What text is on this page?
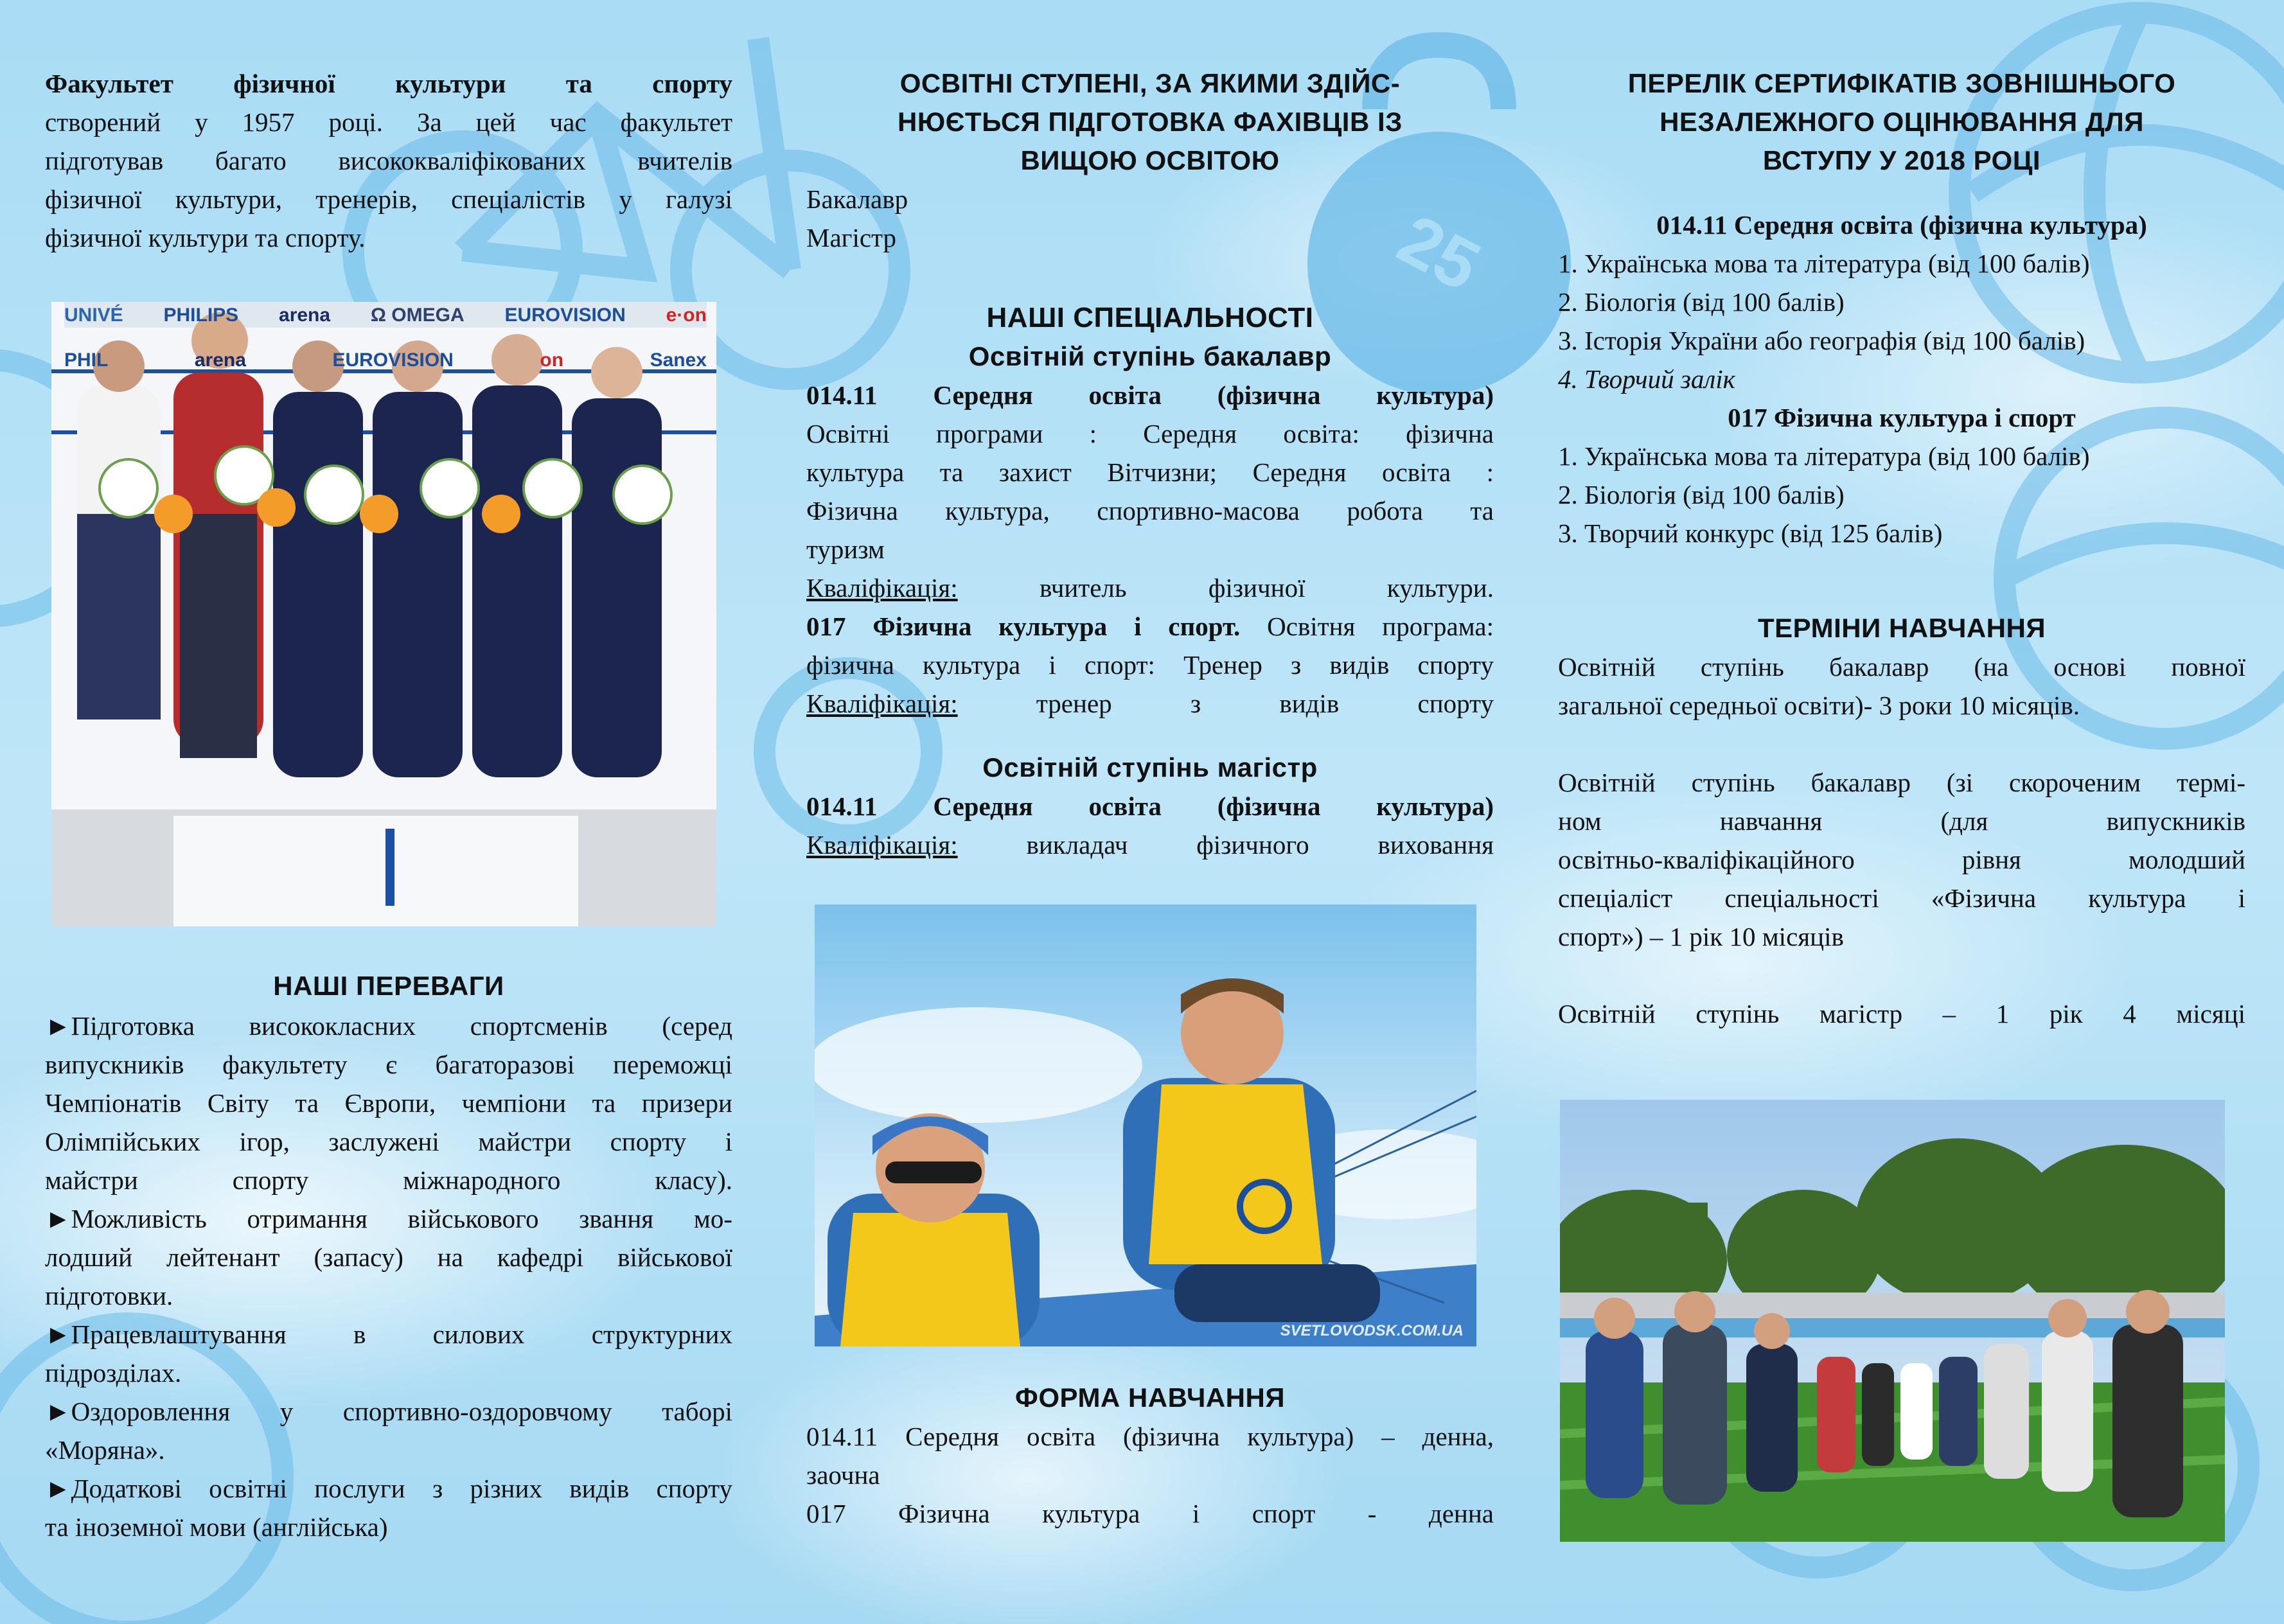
25

Факультет фізичної культури та спорту

створений у 1957 році. За цей час факультет

підготував багато висококваліфікованих вчителів

фізичної культури, тренерів, спеціалістів у галузі

фізичної культури та спорту.

UNIVÉ PHILIPS arena Ω OMEGA EUROVISION e·on
PHIL	arena	EUROVISION	on	Sanex

НАШІ ПЕРЕВАГИ

►Підготовка висококласних спортсменів (серед

випускників факультету є багаторазові переможці

Чемпіонатів Світу та Європи, чемпіони та призери

Олімпійських ігор, заслужені майстри спорту і

майстри спорту міжнародного класу).

►Можливість отримання військового звання мо-

лодший лейтенант (запасу) на кафедрі військової

підготовки.

►Працевлаштування в силових структурних

підрозділах.

►Оздоровлення у спортивно-оздоровчому таборі

«Моряна».

►Додаткові освітні послуги з різних видів спорту

та іноземної мови (англійська)

ОСВІТНІ СТУПЕНІ, ЗА ЯКИМИ ЗДІЙС-

НЮЄТЬСЯ ПІДГОТОВКА ФАХІВЦІВ ІЗ

ВИЩОЮ ОСВІТОЮ

Бакалавр

Магістр

НАШІ СПЕЦІАЛЬНОСТІ

Освітній ступінь бакалавр

014.11 Середня освіта (фізична культура)

Освітні програми : Середня освіта: фізична

культура та захист Вітчизни; Середня освіта :

Фізична культура, спортивно-масова робота та

туризм

Кваліфікація:	вчитель фізичної культури.

017 Фізична культура і спорт. Освітня програма:

фізична культура і спорт: Тренер з видів спорту

Кваліфікація:	тренер з видів спорту

Освітній ступінь магістр

014.11 Середня освіта (фізична культура)

Кваліфікація:	викладач фізичного виховання

SVETLOVODSK.COM.UA

ФОРМА НАВЧАННЯ

014.11 Середня освіта (фізична культура) – денна,

заочна

017 Фізична культура і спорт - денна

ПЕРЕЛІК СЕРТИФІКАТІВ ЗОВНІШНЬОГО

НЕЗАЛЕЖНОГО ОЦІНЮВАННЯ ДЛЯ

ВСТУПУ У 2018 РОЦІ

014.11 Середня освіта (фізична культура)

1. Українська мова та література (від 100 балів)

2. Біологія (від 100 балів)

3. Історія України або географія (від 100 балів)

4. Творчий залік

017 Фізична культура і спорт

1. Українська мова та література (від 100 балів)

2. Біологія (від 100 балів)

3. Творчий конкурс (від 125 балів)

ТЕРМІНИ НАВЧАННЯ

Освітній ступінь бакалавр (на основі повної

загальної середньої освіти)- 3 роки 10 місяців.

Освітній ступінь бакалавр (зі скороченим термі-

ном навчання (для випускників

освітньо-кваліфікаційного рівня молодший

спеціаліст спеціальності «Фізична культура і

спорт») – 1 рік 10 місяців

Освітній ступінь магістр – 1 рік 4 місяці
